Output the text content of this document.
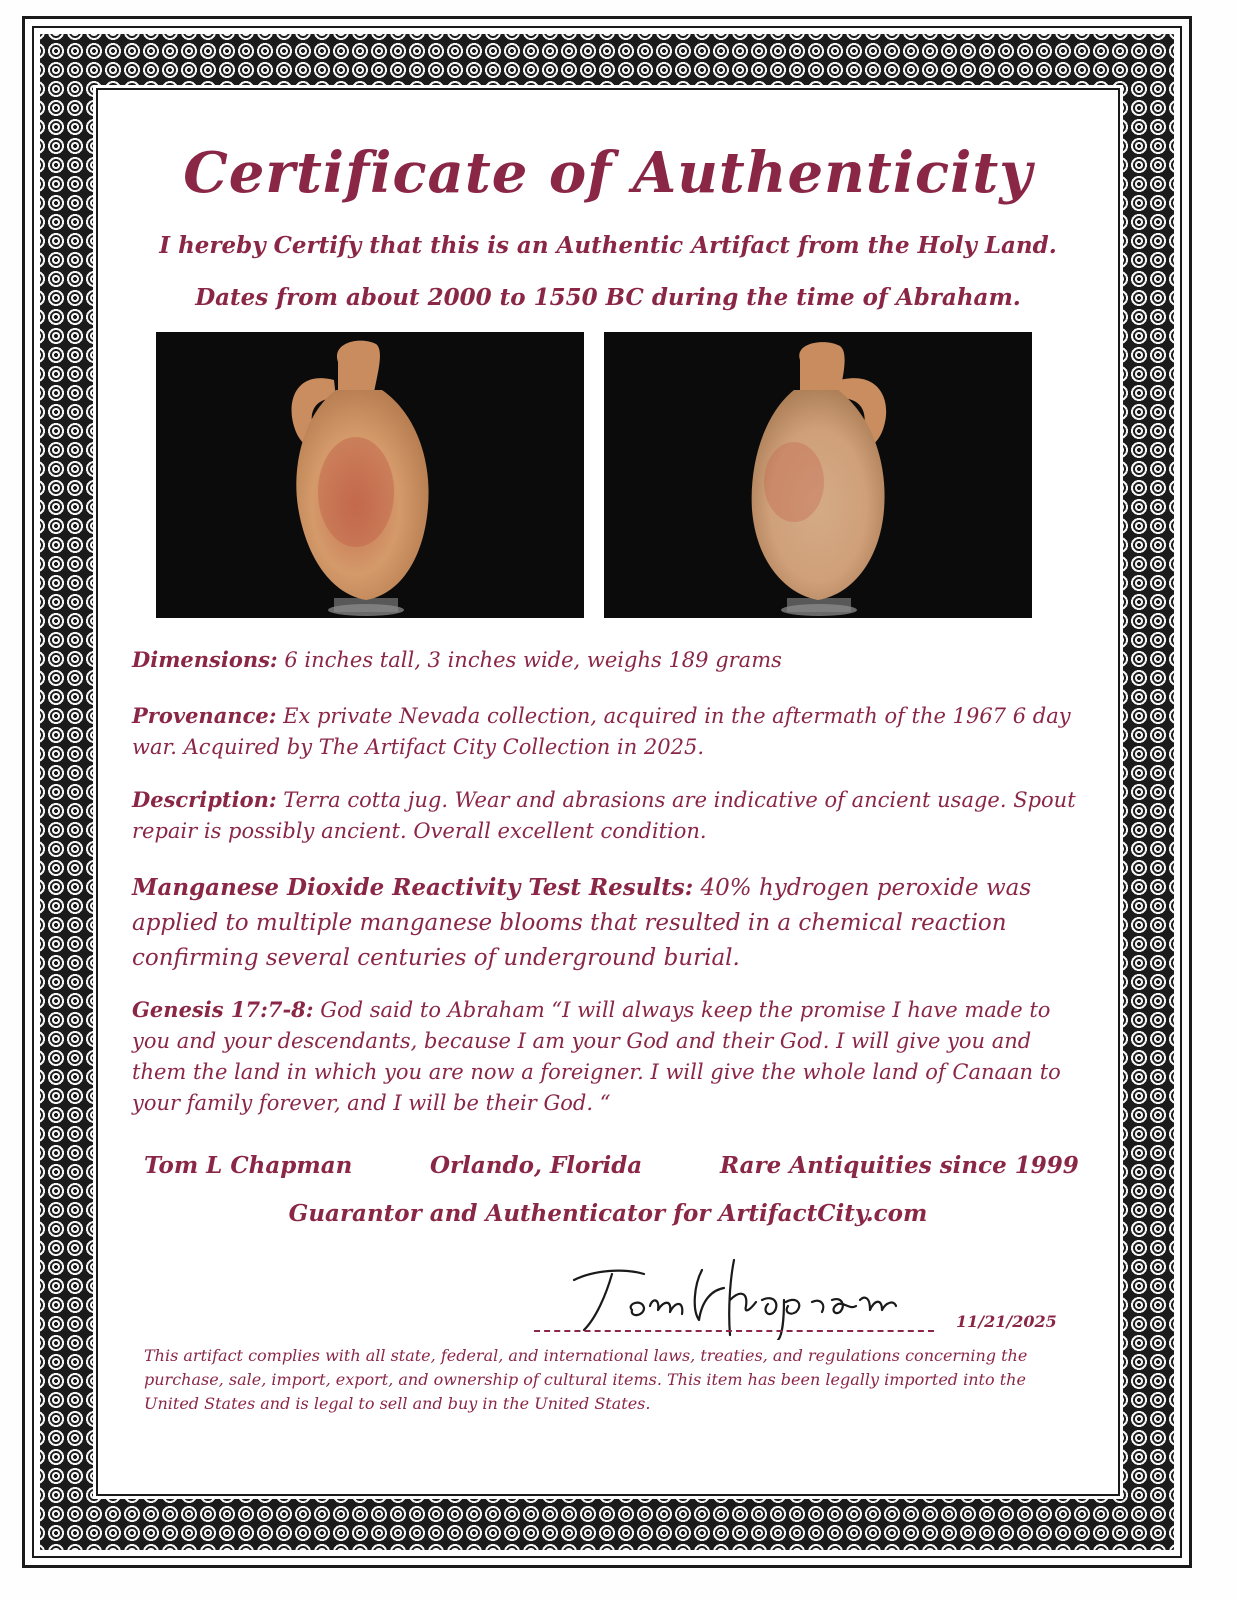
Certificate of Authenticity
I hereby Certify that this is an Authentic Artifact from the Holy Land.
Dates from about 2000 to 1550 BC during the time of Abraham.
Dimensions: 6 inches tall, 3 inches wide, weighs 189 grams
Provenance: Ex private Nevada collection, acquired in the aftermath of the 1967 6 day war. Acquired by The Artifact City Collection in 2025.
Description: Terra cotta jug. Wear and abrasions are indicative of ancient usage. Spout repair is possibly ancient. Overall excellent condition.
Manganese Dioxide Reactivity Test Results: 40% hydrogen peroxide was applied to multiple manganese blooms that resulted in a chemical reaction confirming several centuries of underground burial.
Genesis 17:7-8: God said to Abraham “I will always keep the promise I have made to you and your descendants, because I am your God and their God. I will give you and them the land in which you are now a foreigner. I will give the whole land of Canaan to your family forever, and I will be their God. “
Tom L Chapman	Orlando, Florida	Rare Antiquities since 1999
Guarantor and Authenticator for ArtifactCity.com
11/21/2025
This artifact complies with all state, federal, and international laws, treaties, and regulations concerning the purchase, sale, import, export, and ownership of cultural items. This item has been legally imported into the United States and is legal to sell and buy in the United States.
